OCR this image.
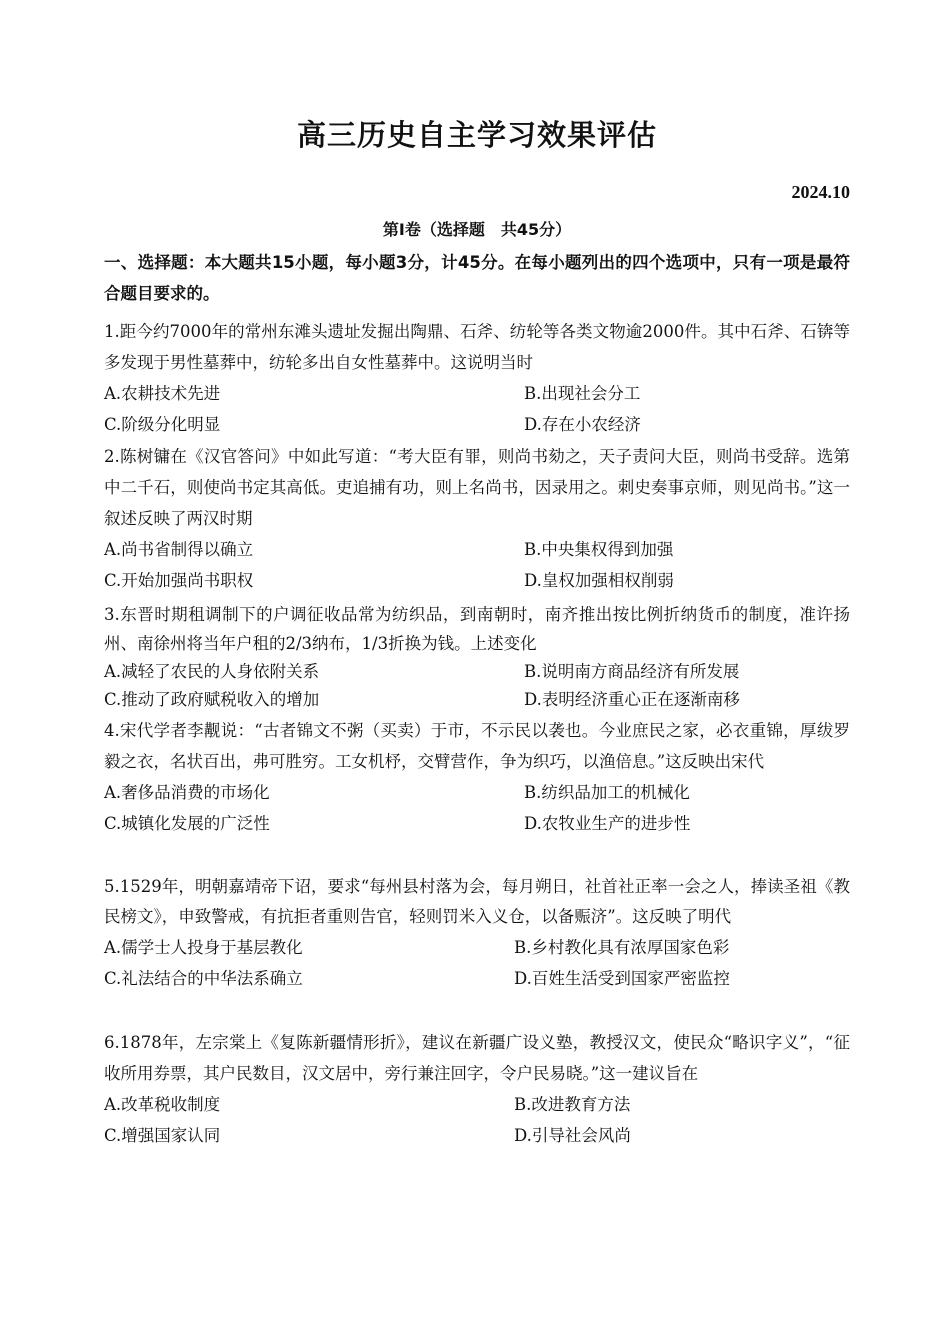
高三历史自主学习效果评估
2024.10
第Ⅰ卷（选择题　共45分）
一、选择题：本大题共15小题，每小题3分，计45分。在每小题列出的四个选项中，只有一项是最符合题目要求的。
1.距今约7000年的常州东滩头遗址发掘出陶鼎、石斧、纺轮等各类文物逾2000件。其中石斧、石锛等多发现于男性墓葬中，纺轮多出自女性墓葬中。这说明当时
A.农耕技术先进	B.出现社会分工
C.阶级分化明显	D.存在小农经济
2.陈树镛在《汉官答问》中如此写道：“考大臣有罪，则尚书劾之，天子责问大臣，则尚书受辞。选第中二千石，则使尚书定其高低。吏追捕有功，则上名尚书，因录用之。刺史奏事京师，则见尚书。”这一叙述反映了两汉时期
A.尚书省制得以确立	B.中央集权得到加强
C.开始加强尚书职权	D.皇权加强相权削弱
3.东晋时期租调制下的户调征收品常为纺织品，到南朝时，南齐推出按比例折纳货币的制度，准许扬州、南徐州将当年户租的2/3纳布，1/3折换为钱。上述变化
A.减轻了农民的人身依附关系	B.说明南方商品经济有所发展
C.推动了政府赋税收入的增加	D.表明经济重心正在逐渐南移
4.宋代学者李觏说：“古者锦文不粥（买卖）于市，不示民以袭也。今业庶民之家，必衣重锦，厚绂罗毅之衣，名状百出，弗可胜穷。工女机杼，交臂营作，争为织巧，以渔倍息。”这反映出宋代
A.奢侈品消费的市场化	B.纺织品加工的机械化
C.城镇化发展的广泛性	D.农牧业生产的进步性
5.1529年，明朝嘉靖帝下诏，要求“每州县村落为会，每月朔日，社首社正率一会之人，捧读圣祖《教民榜文》，申致警戒，有抗拒者重则告官，轻则罚米入义仓，以备赈济”。这反映了明代
A.儒学士人投身于基层教化	B.乡村教化具有浓厚国家色彩
C.礼法结合的中华法系确立	D.百姓生活受到国家严密监控
6.1878年，左宗棠上《复陈新疆情形折》，建议在新疆广设义塾，教授汉文，使民众“略识字义”，“征收所用券票，其户民数目，汉文居中，旁行兼注回字，令户民易晓。”这一建议旨在
A.改革税收制度	B.改进教育方法
C.增强国家认同	D.引导社会风尚
